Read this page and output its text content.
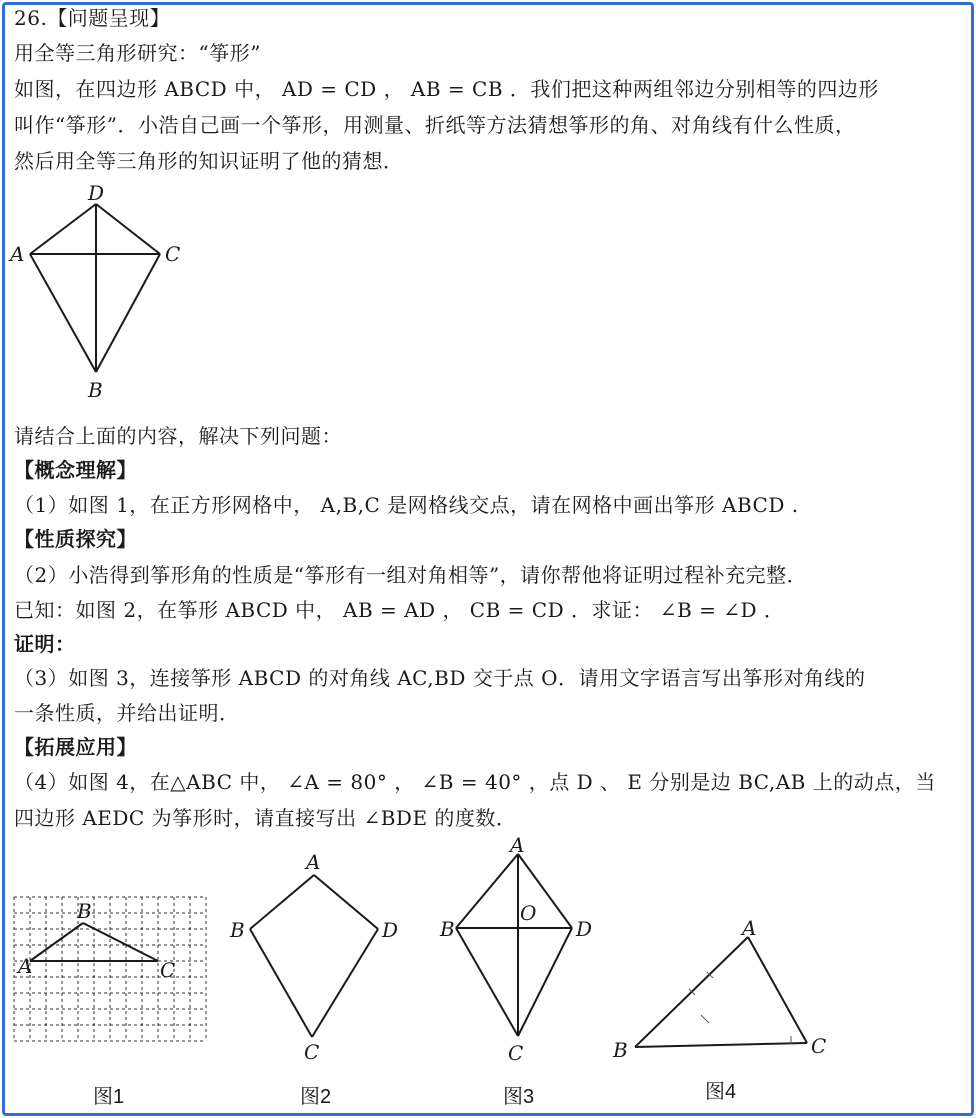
26.【问题呈现】
用全等三角形研究：“筝形”
如图，在四边形 ABCD 中， AD = CD ， AB = CB ．我们把这种两组邻边分别相等的四边形
叫作“筝形”．小浩自己画一个筝形，用测量、折纸等方法猜想筝形的角、对角线有什么性质，
然后用全等三角形的知识证明了他的猜想．
D
A	C
B
请结合上面的内容，解决下列问题：
【概念理解】
（1）如图 1，在正方形网格中， A,B,C 是网格线交点，请在网格中画出筝形 ABCD .
【性质探究】
（2）小浩得到筝形角的性质是“筝形有一组对角相等”，请你帮他将证明过程补充完整．
已知：如图 2，在筝形 ABCD 中， AB = AD ， CB = CD ．求证： ∠B = ∠D ．
证明：
（3）如图 3，连接筝形 ABCD 的对角线 AC,BD 交于点 O．请用文字语言写出筝形对角线的
一条性质，并给出证明．
【拓展应用】
（4）如图 4，在△ABC 中， ∠A = 80° ， ∠B = 40° ，点 D 、 E 分别是边 BC,AB 上的动点，当
四边形 AEDC 为筝形时，请直接写出 ∠BDE 的度数．
B
A	C
图1
A
B	D
C
图2
A
B	D
O
C
图3
A
B	C
图4
